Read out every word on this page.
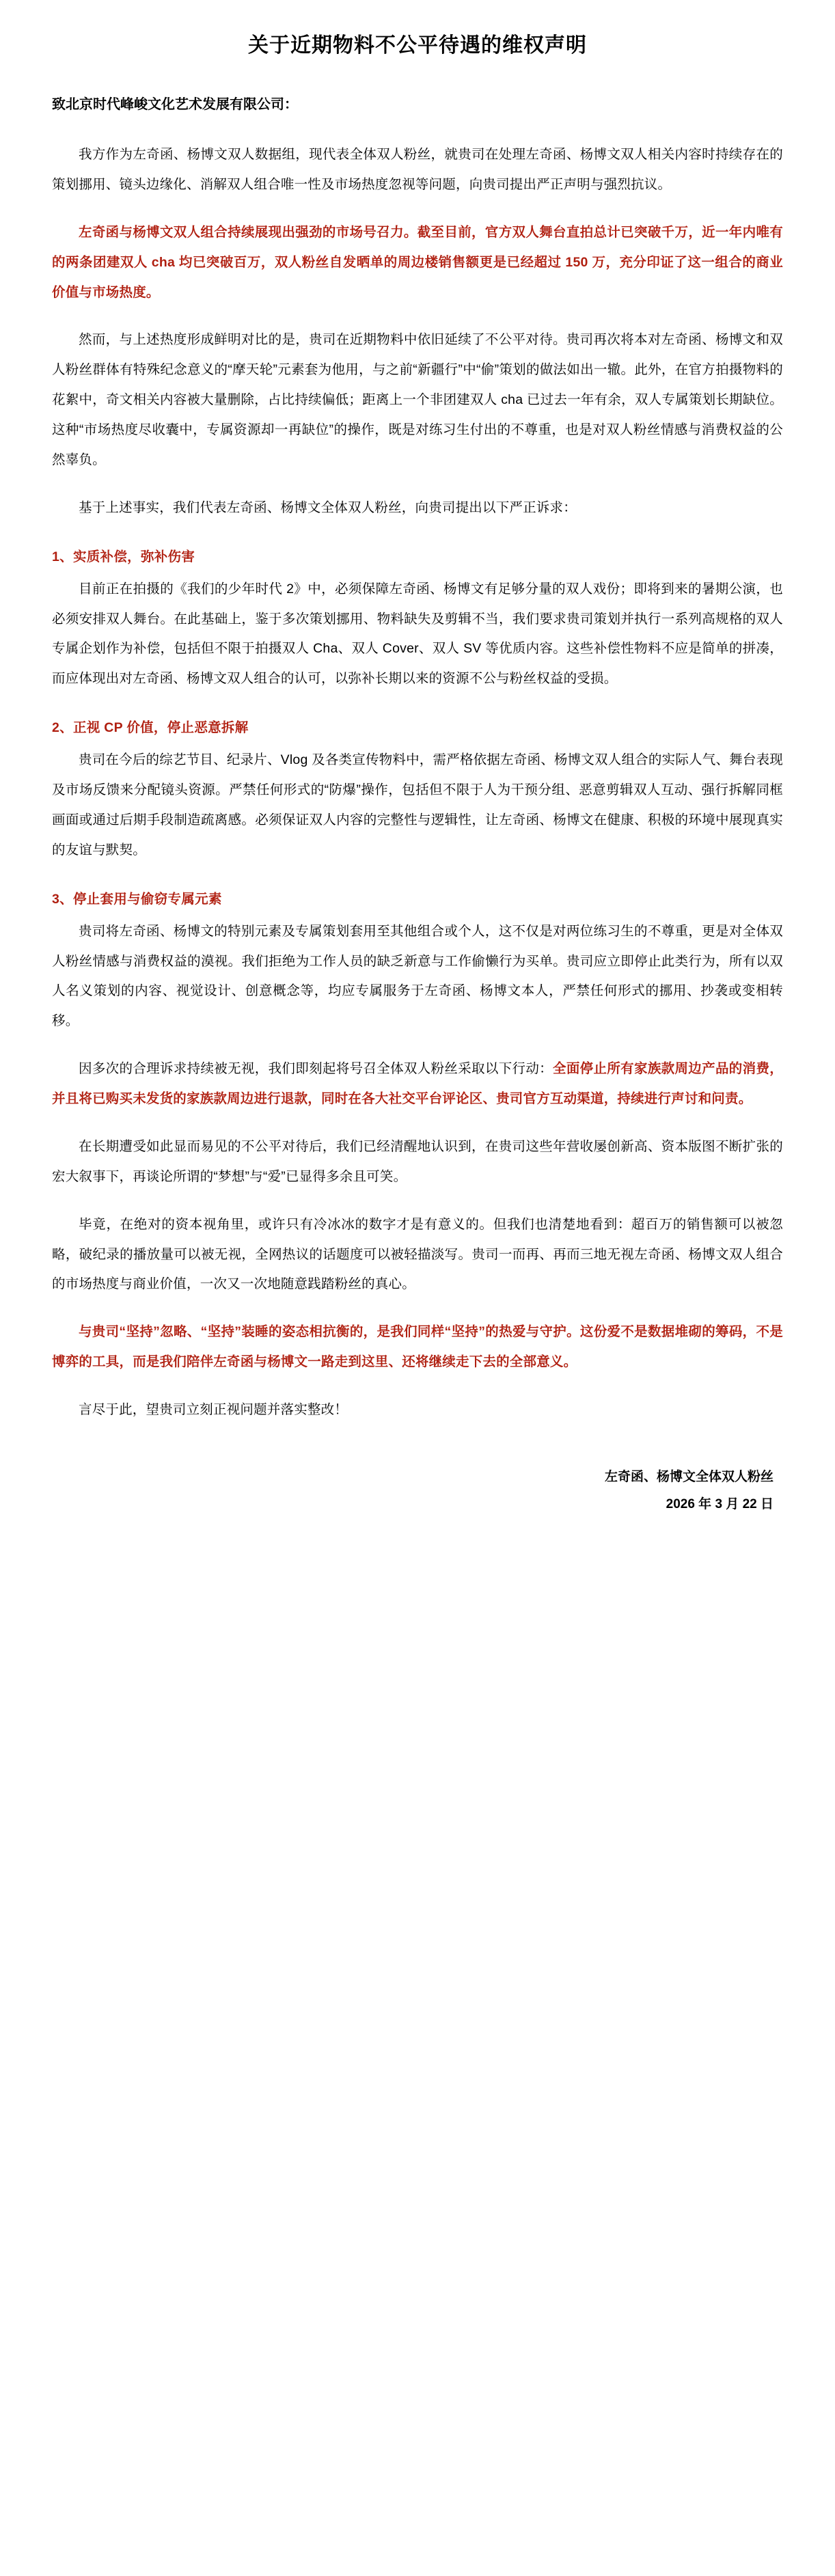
关于近期物料不公平待遇的维权声明
致北京时代峰峻文化艺术发展有限公司：

我方作为左奇函、杨博文双人数据组，现代表全体双人粉丝，就贵司在处理左奇函、杨博文双人相关内容时持续存在的策划挪用、镜头边缘化、消解双人组合唯一性及市场热度忽视等问题，向贵司提出严正声明与强烈抗议。

左奇函与杨博文双人组合持续展现出强劲的市场号召力。截至目前，官方双人舞台直拍总计已突破千万，近一年内唯有的两条团建双人 cha 均已突破百万，双人粉丝自发晒单的周边楼销售额更是已经超过 150 万，充分印证了这一组合的商业价值与市场热度。

然而，与上述热度形成鲜明对比的是，贵司在近期物料中依旧延续了不公平对待。贵司再次将本对左奇函、杨博文和双人粉丝群体有特殊纪念意义的“摩天轮”元素套为他用，与之前“新疆行”中“偷”策划的做法如出一辙。此外，在官方拍摄物料的花絮中，奇文相关内容被大量删除，占比持续偏低；距离上一个非团建双人 cha 已过去一年有余，双人专属策划长期缺位。这种“市场热度尽收囊中，专属资源却一再缺位”的操作，既是对练习生付出的不尊重，也是对双人粉丝情感与消费权益的公然辜负。

基于上述事实，我们代表左奇函、杨博文全体双人粉丝，向贵司提出以下严正诉求：

1、实质补偿，弥补伤害

目前正在拍摄的《我们的少年时代 2》中，必须保障左奇函、杨博文有足够分量的双人戏份；即将到来的暑期公演，也必须安排双人舞台。在此基础上，鉴于多次策划挪用、物料缺失及剪辑不当，我们要求贵司策划并执行一系列高规格的双人专属企划作为补偿，包括但不限于拍摄双人 Cha、双人 Cover、双人 SV 等优质内容。这些补偿性物料不应是简单的拼凑，而应体现出对左奇函、杨博文双人组合的认可，以弥补长期以来的资源不公与粉丝权益的受损。

2、正视 CP 价值，停止恶意拆解

贵司在今后的综艺节目、纪录片、Vlog 及各类宣传物料中，需严格依据左奇函、杨博文双人组合的实际人气、舞台表现及市场反馈来分配镜头资源。严禁任何形式的“防爆”操作，包括但不限于人为干预分组、恶意剪辑双人互动、强行拆解同框画面或通过后期手段制造疏离感。必须保证双人内容的完整性与逻辑性，让左奇函、杨博文在健康、积极的环境中展现真实的友谊与默契。

3、停止套用与偷窃专属元素

贵司将左奇函、杨博文的特别元素及专属策划套用至其他组合或个人，这不仅是对两位练习生的不尊重，更是对全体双人粉丝情感与消费权益的漠视。我们拒绝为工作人员的缺乏新意与工作偷懒行为买单。贵司应立即停止此类行为，所有以双人名义策划的内容、视觉设计、创意概念等，均应专属服务于左奇函、杨博文本人，严禁任何形式的挪用、抄袭或变相转移。

因多次的合理诉求持续被无视，我们即刻起将号召全体双人粉丝采取以下行动：全面停止所有家族款周边产品的消费，并且将已购买未发货的家族款周边进行退款，同时在各大社交平台评论区、贵司官方互动渠道，持续进行声讨和问责。

在长期遭受如此显而易见的不公平对待后，我们已经清醒地认识到，在贵司这些年营收屡创新高、资本版图不断扩张的宏大叙事下，再谈论所谓的“梦想”与“爱”已显得多余且可笑。

毕竟，在绝对的资本视角里，或许只有冷冰冰的数字才是有意义的。但我们也清楚地看到：超百万的销售额可以被忽略，破纪录的播放量可以被无视，全网热议的话题度可以被轻描淡写。贵司一而再、再而三地无视左奇函、杨博文双人组合的市场热度与商业价值，一次又一次地随意践踏粉丝的真心。

与贵司“坚持”忽略、“坚持”装睡的姿态相抗衡的，是我们同样“坚持”的热爱与守护。这份爱不是数据堆砌的筹码，不是博弈的工具，而是我们陪伴左奇函与杨博文一路走到这里、还将继续走下去的全部意义。

言尽于此，望贵司立刻正视问题并落实整改！

左奇函、杨博文全体双人粉丝
2026 年 3 月 22 日
